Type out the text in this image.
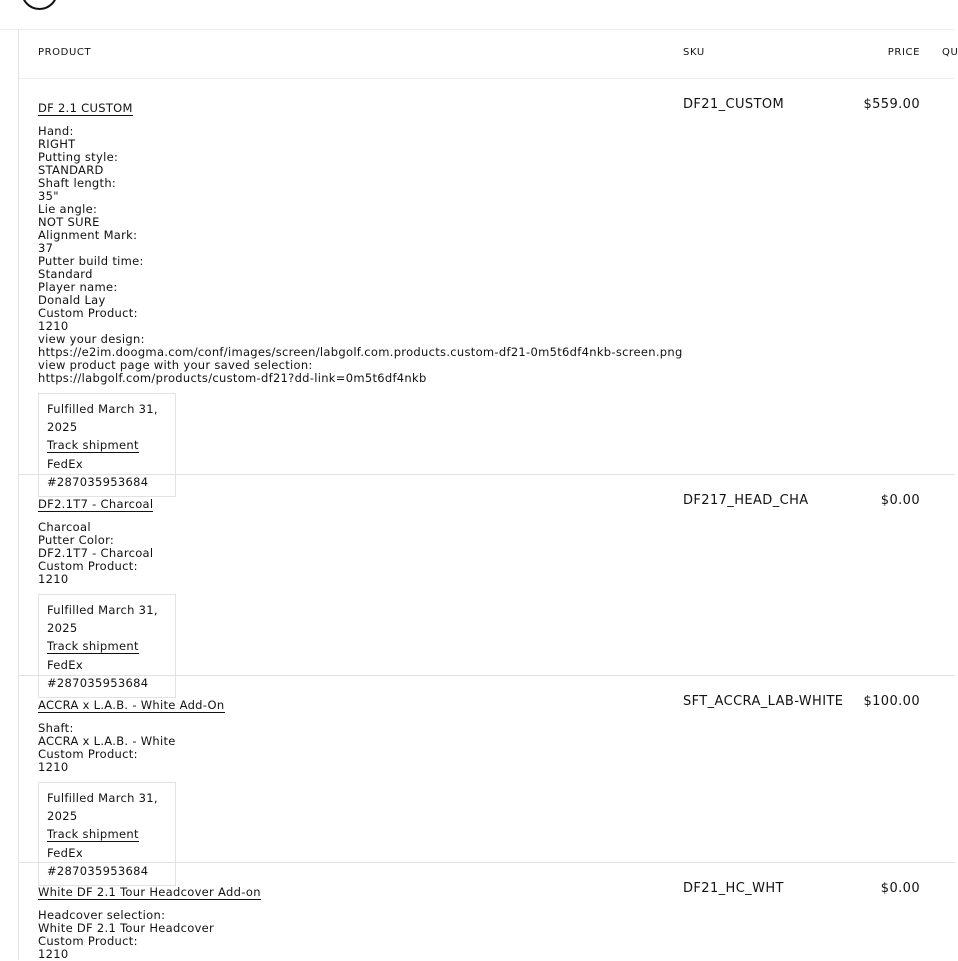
PRODUCT	SKU	PRICE QU
DF 2.1 CUSTOM
Hand:
RIGHT
Putting style:
STANDARD
Shaft length:
35"
Lie angle:
NOT SURE
Alignment Mark:
37
Putter build time:
Standard
Player name:
Donald Lay
Custom Product:
1210
view your design:
https://e2im.doogma.com/conf/images/screen/labgolf.com.products.custom-df21-0m5t6df4nkb-screen.png
view product page with your saved selection:
https://labgolf.com/products/custom-df21?dd-link=0m5t6df4nkb
Fulfilled March 31, 2025
Track shipment
FedEx #287035953684
DF21_CUSTOM	$559.00
DF2.1T7 - Charcoal
Charcoal
Putter Color:
DF2.1T7 - Charcoal
Custom Product:
1210
Fulfilled March 31, 2025
Track shipment
FedEx #287035953684
DF217_HEAD_CHA	$0.00
ACCRA x L.A.B. - White Add-On
Shaft:
ACCRA x L.A.B. - White
Custom Product:
1210
Fulfilled March 31, 2025
Track shipment
FedEx #287035953684
SFT_ACCRA_LAB-WHITE $100.00
White DF 2.1 Tour Headcover Add-on
Headcover selection:
White DF 2.1 Tour Headcover
Custom Product:
1210
DF21_HC_WHT	$0.00
